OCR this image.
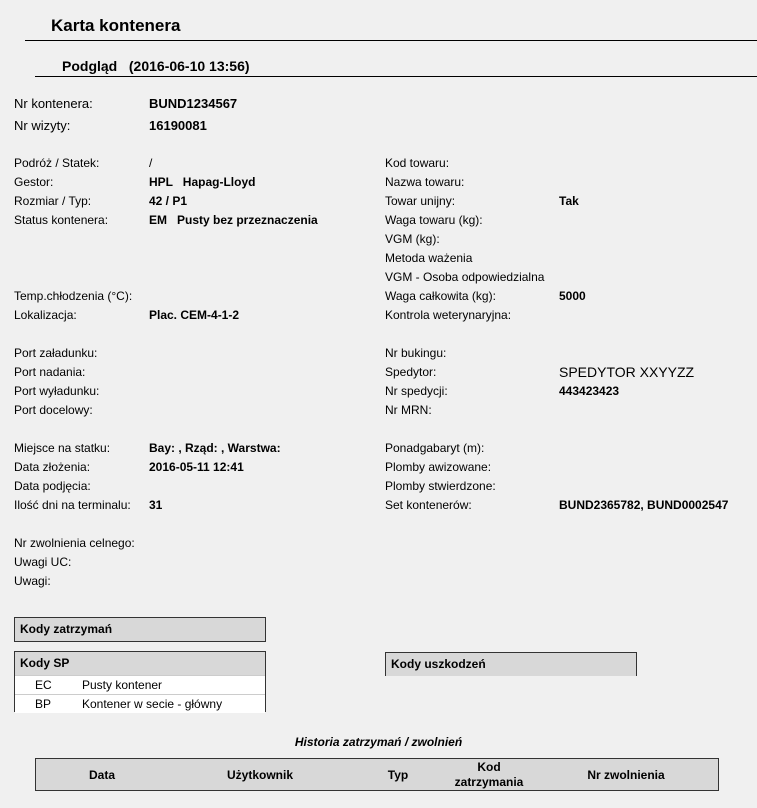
Karta kontenera
Podgląd   (2016-06-10 13:56)
Nr kontenera:	BUND1234567
Nr wizyty:	16190081
Podróż / Statek:	/
Gestor:	HPL   Hapag-Lloyd
Rozmiar / Typ:	42 / P1
Status kontenera:	EM   Pusty bez przeznaczenia
Temp.chłodzenia (°C):
Lokalizacja:	Plac. CEM-4-1-2
Port załadunku:
Port nadania:
Port wyładunku:
Port docelowy:
Miejsce na statku:	Bay: , Rząd: , Warstwa:
Data złożenia:	2016-05-11 12:41
Data podjęcia:
Ilość dni na terminalu: 31
Nr zwolnienia celnego:
Uwagi UC:
Uwagi:
Kod towaru:
Nazwa towaru:
Towar unijny:	Tak
Waga towaru (kg):
VGM (kg):
Metoda ważenia
VGM - Osoba odpowiedzialna
Waga całkowita (kg):	5000
Kontrola weterynaryjna:
Nr bukingu:
Spedytor:	SPEDYTOR XXYYZZ
Nr spedycji:	443423423
Nr MRN:
Ponadgabaryt (m):
Plomby awizowane:
Plomby stwierdzone:
Set kontenerów:	BUND2365782, BUND0002547
Kody zatrzymań
Kody SP
EC	Pusty kontener
BP	Kontener w secie - główny
Kody uszkodzeń
Historia zatrzymań / zwolnień
Data	Użytkownik	Typ
Kod
zatrzymania	Nr zwolnienia
